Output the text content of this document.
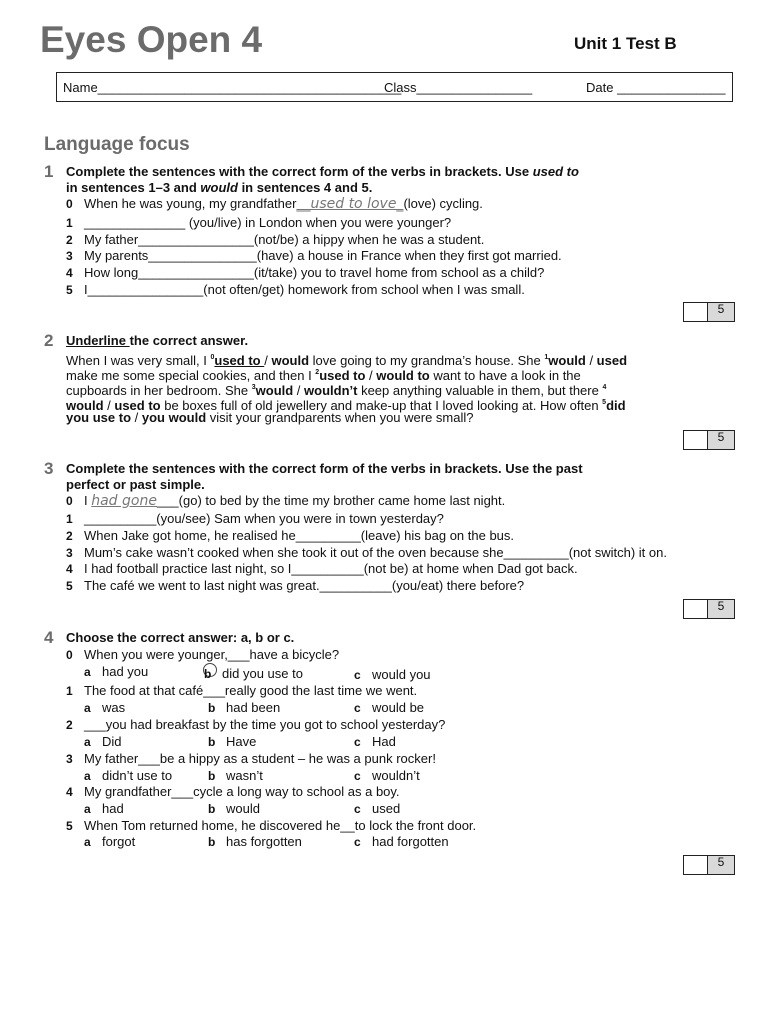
Eyes Open 4	Unit 1 Test B
Name__________________________________________
Class________________	Date _______________
Language focus
1 Complete the sentences with the correct form of the verbs in brackets. Use used to
in sentences 1–3 and would in sentences 4 and 5.
0 When he was young, my grandfather__used to love_(love) cycling.
1 ______________ (you/live) in London when you were younger?
2 My father________________(not/be) a hippy when he was a student.
3 My parents_______________(have) a house in France when they first got married.
4 How long________________(it/take) you to travel home from school as a child?
5 I________________(not often/get) homework from school when I was small.
5
2 Underline the correct answer.
When I was very small, I $^0$used to / would love going to my grandma’s house. She $^1$would / used
make me some special cookies, and then I $^2$used to / would to want to have a look in the
cupboards in her bedroom. She $^3$would / wouldn’t keep anything valuable in them, but there $^4$
would / used to be boxes full of old jewellery and make-up that I loved looking at. How often $^5$did
you use to / you would visit your grandparents when you were small?
5
3 Complete the sentences with the correct form of the verbs in brackets. Use the past
perfect or past simple.
0 I had gone___(go) to bed by the time my brother came home last night.
1 __________(you/see) Sam when you were in town yesterday?
2 When Jake got home, he realised he_________(leave) his bag on the bus.
3 Mum’s cake wasn’t cooked when she took it out of the oven because she_________(not switch) it on.
4 I had football practice last night, so I__________(not be) at home when Dad got back.
5 The café we went to last night was great.__________(you/eat) there before?
5
4 Choose the correct answer: a, b or c.
0 When you were younger,___have a bicycle?
a had you	b did you use to	c would you
1 The food at that café___really good the last time we went.
a was	b had been	c would be
2 ___you had breakfast by the time you got to school yesterday?
a Did	b Have	c Had
3 My father___be a hippy as a student – he was a punk rocker!
a didn’t use to	b wasn’t	c wouldn’t
4 My grandfather___cycle a long way to school as a boy.
a had	b would	c used
5 When Tom returned home, he discovered he__to lock the front door.
a forgot	b has forgotten	c had forgotten
5
